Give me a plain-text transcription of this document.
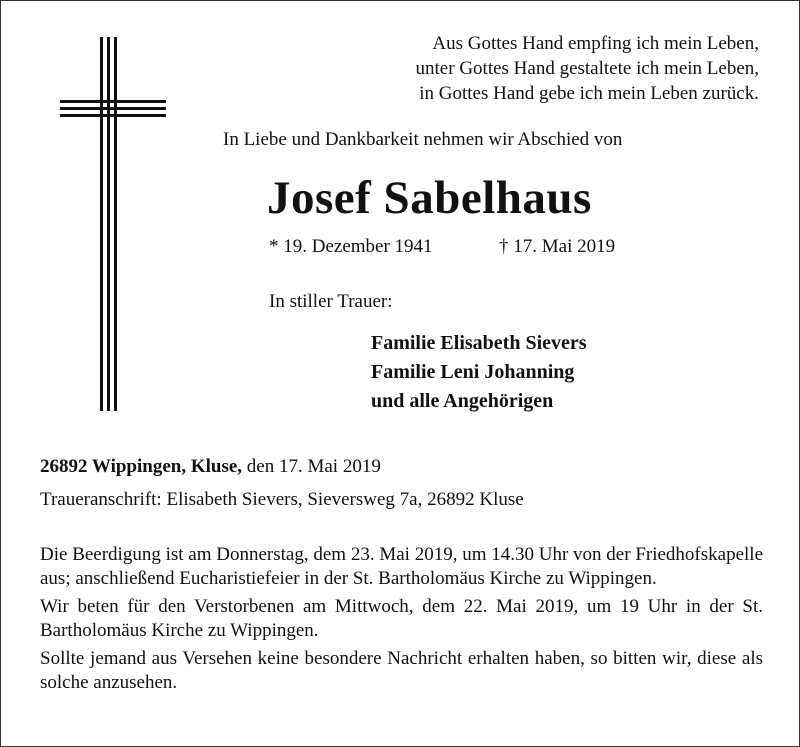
Aus Gottes Hand empfing ich mein Leben,
unter Gottes Hand gestaltete ich mein Leben,
in Gottes Hand gebe ich mein Leben zurück.
In Liebe und Dankbarkeit nehmen wir Abschied von
Josef Sabelhaus
* 19. Dezember 1941	† 17. Mai 2019
In stiller Trauer:
Familie Elisabeth Sievers
Familie Leni Johanning
und alle Angehörigen
26892 Wippingen, Kluse, den 17. Mai 2019
Traueranschrift: Elisabeth Sievers, Sieversweg 7a, 26892 Kluse

Die Beerdigung ist am Donnerstag, dem 23. Mai 2019, um 14.30 Uhr von der Friedhofskapelle aus; anschließend Eucharistiefeier in der St. Bartholomäus Kirche zu Wippingen.

Wir beten für den Verstorbenen am Mittwoch, dem 22. Mai 2019, um 19 Uhr in der St. Bartholomäus Kirche zu Wippingen.

Sollte jemand aus Versehen keine besondere Nachricht erhalten haben, so bitten wir, diese als solche anzusehen.
